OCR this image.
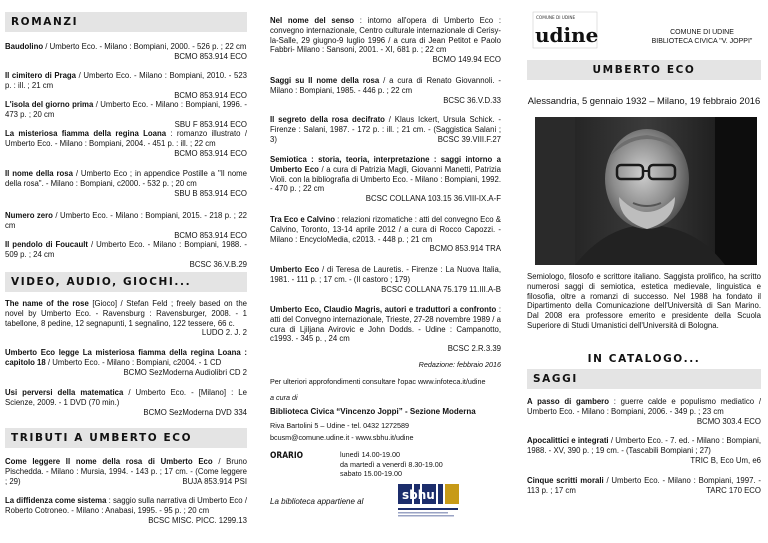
ROMANZI
Baudolino / Umberto Eco. - Milano : Bompiani, 2000. - 526 p. ; 22 cm
BCMO 853.914 ECO
Il cimitero di Praga / Umberto Eco. - Milano : Bompiani, 2010. - 523 p. : ill. ; 21 cm
BCMO 853.914 ECO
L'isola del giorno prima / Umberto Eco. - Milano : Bompiani, 1996. - 473 p. ; 20 cm
SBU F 853.914 ECO
La misteriosa fiamma della regina Loana : romanzo illustrato / Umberto Eco. - Milano : Bompiani, 2004. - 451 p. : ill. ; 22 cm
BCMO 853.914 ECO
Il nome della rosa / Umberto Eco ; in appendice Postille a "Il nome della rosa". - Milano : Bompiani, c2000. - 532 p. ; 20 cm
SBU B 853.914 ECO
Numero zero / Umberto Eco. - Milano : Bompiani, 2015. - 218 p. ; 22 cm
BCMO 853.914 ECO
Il pendolo di Foucault / Umberto Eco. - Milano : Bompiani, 1988. - 509 p. ; 24 cm
BCSC 36.V.B.29
VIDEO, AUDIO, GIOCHI...
The name of the rose [Gioco] / Stefan Feld ; freely based on the novel by Umberto Eco. - Ravensburg : Ravensburger, 2008. - 1 tabellone, 8 pedine, 12 segnapunti, 1 segnalino, 122 tessere, 66 c.
LUDO 2. J. 2
Umberto Eco legge La misteriosa fiamma della regina Loana : capitolo 18 / Umberto Eco. - Milano : Bompiani, c2004. - 1 CD
BCMO SezModerna Audiolibri CD 2
Usi perversi della matematica / Umberto Eco. - [Milano] : Le Scienze, 2009. - 1 DVD (70 min.)
BCMO SezModerna DVD 334
TRIBUTI A UMBERTO ECO
Come leggere Il nome della rosa di Umberto Eco / Bruno Pischedda. - Milano : Mursia, 1994. - 143 p. ; 17 cm. - (Come leggere ; 29)	BUJA 853.914 PSI
La diffidenza come sistema : saggio sulla narrativa di Umberto Eco / Roberto Cotroneo. - Milano : Anabasi, 1995. - 95 p. ; 20 cm
BCSC MISC. PICC. 1299.13
Nel nome del senso : intorno all'opera di Umberto Eco : convegno internazionale, Centro culturale internazionale di Cerisy-la-Salle, 29 giugno-9 luglio 1996 / a cura di Jean Petitot e Paolo Fabbri- Milano : Sansoni, 2001. - XI, 681 p. ; 22 cm
BCMO 149.94 ECO
Saggi su Il nome della rosa / a cura di Renato Giovannoli. - Milano : Bompiani, 1985. - 446 p. ; 22 cm
BCSC 36.V.D.33
Il segreto della rosa decifrato / Klaus Ickert, Ursula Schick. - Firenze : Salani, 1987. - 172 p. : ill. ; 21 cm. - (Saggistica Salani ; 3)	BCSC 39.VIII.F.27
Semiotica : storia, teoria, interpretazione : saggi intorno a Umberto Eco / a cura di Patrizia Magli, Giovanni Manetti, Patrizia Violi. con la bibliografia di Umberto Eco. - Milano : Bompiani, 1992. - 470 p. ; 22 cm
BCSC COLLANA 103.15 36.VIII-IX.A-F
Tra Eco e Calvino : relazioni rizomatiche : atti del convegno Eco & Calvino, Toronto, 13-14 aprile 2012 / a cura di Rocco Capozzi. - Milano : EncycloMedia, c2013. - 448 p. ; 21 cm
BCMO 853.914 TRA
Umberto Eco / di Teresa de Lauretis. - Firenze : La Nuova Italia, 1981. - 111 p. ; 17 cm. - (Il castoro ; 179)
BCSC COLLANA 75.179 11.III.A-B
Umberto Eco, Claudio Magris, autori e traduttori a confronto : atti del Convegno internazionale, Trieste, 27-28 novembre 1989 / a cura di Ljiljana Avirovic e John Dodds. - Udine : Campanotto, c1993. - 345 p. , 24 cm
BCSC 2.R.3.39
Redazione: febbraio 2016
Per ulteriori approfondimenti consultare l'opac www.infoteca.it/udine
a cura di
Biblioteca Civica “Vincenzo Joppi” - Sezione Moderna
Riva Bartolini 5 – Udine - tel. 0432 1272589
bcusm@comune.udine.it - www.sbhu.it/udine
ORARIO	lunedì 14.00-19.00
da martedì a venerdì 8.30-19.00
sabato 15.00-19.00
La biblioteca appartiene al	sbhu
COMUNE DI UDINE
udine	COMUNE DI UDINE
BIBLIOTECA CIVICA "V. JOPPI"
UMBERTO ECO
Alessandria, 5 gennaio 1932 – Milano, 19 febbraio 2016
Semiologo, filosofo e scrittore italiano. Saggista prolifico, ha scritto numerosi saggi di semiotica, estetica medievale, linguistica e filosofia, oltre a romanzi di successo. Nel 1988 ha fondato il Dipartimento della Comunicazione dell'Università di San Marino. Dal 2008 era professore emerito e presidente della Scuola Superiore di Studi Umanistici dell'Università di Bologna.
IN CATALOGO...
SAGGI
A passo di gambero : guerre calde e populismo mediatico / Umberto Eco. - Milano : Bompiani, 2006. - 349 p. ; 23 cm
BCMO 303.4 ECO
Apocalittici e integrati / Umberto Eco. - 7. ed. - Milano : Bompiani, 1988. - XV, 390 p. ; 19 cm. - (Tascabili Bompiani ; 27)
TRIC B, Eco Um, e6
Cinque scritti morali / Umberto Eco. - Milano : Bompiani, 1997. - 113 p. ; 17 cm	TARC 170 ECO
